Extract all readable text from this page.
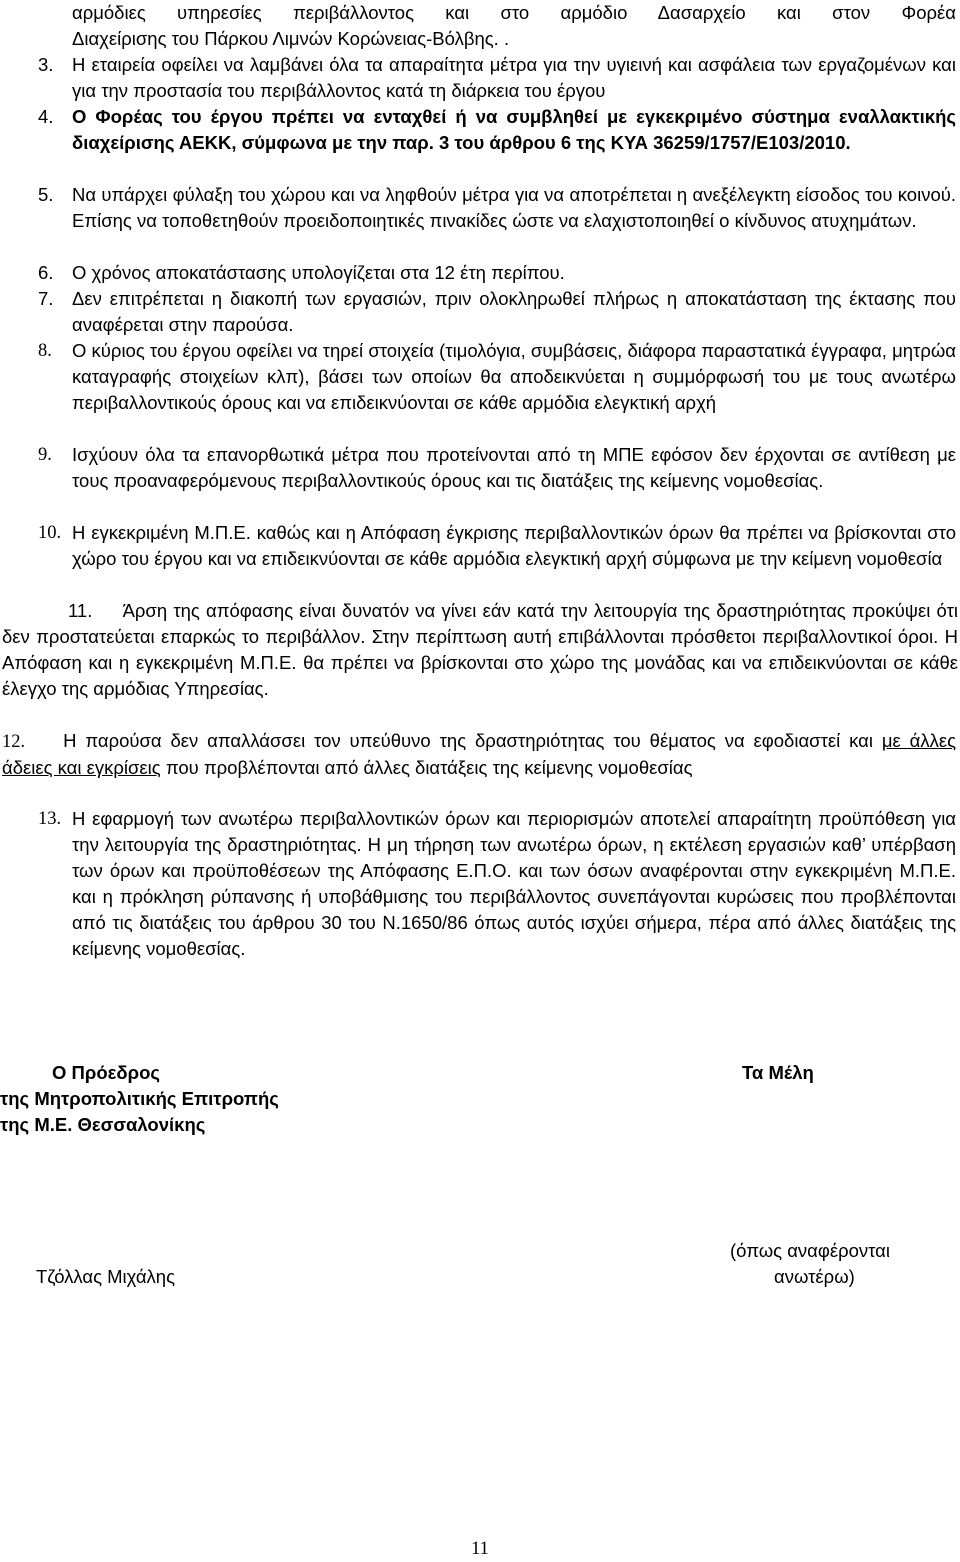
αρμόδιες υπηρεσίες περιβάλλοντος και στο αρμόδιο Δασαρχείο και στον Φορέα
Διαχείρισης του Πάρκου Λιμνών Κορώνειας-Βόλβης. .
3.	Η εταιρεία οφείλει να λαμβάνει όλα τα απαραίτητα μέτρα για την υγιεινή και ασφάλεια των εργαζομένων και για την προστασία του περιβάλλοντος κατά τη διάρκεια του έργου
4.	Ο Φορέας του έργου πρέπει να ενταχθεί ή να συμβληθεί με εγκεκριμένο σύστημα εναλλακτικής διαχείρισης ΑΕΚΚ, σύμφωνα με την παρ. 3 του άρθρου 6 της ΚΥΑ 36259/1757/Ε103/2010.
5.	Να υπάρχει φύλαξη του χώρου και να ληφθούν μέτρα για να αποτρέπεται η ανεξέλεγκτη είσοδος του κοινού. Επίσης να τοποθετηθούν προειδοποιητικές πινακίδες ώστε να ελαχιστοποιηθεί ο κίνδυνος ατυχημάτων.
6.	Ο χρόνος αποκατάστασης υπολογίζεται στα 12 έτη περίπου.
7.	Δεν επιτρέπεται η διακοπή των εργασιών, πριν ολοκληρωθεί πλήρως η αποκατάσταση της έκτασης που αναφέρεται στην παρούσα.
8.	Ο κύριος του έργου οφείλει να τηρεί στοιχεία (τιμολόγια, συμβάσεις, διάφορα παραστατικά έγγραφα, μητρώα καταγραφής στοιχείων κλπ), βάσει των οποίων θα αποδεικνύεται η συμμόρφωσή του με τους ανωτέρω περιβαλλοντικούς όρους και να επιδεικνύονται σε κάθε αρμόδια ελεγκτική αρχή
9.	Ισχύουν όλα τα επανορθωτικά μέτρα που προτείνονται από τη ΜΠΕ εφόσον δεν έρχονται σε αντίθεση με τους προαναφερόμενους περιβαλλοντικούς όρους και τις διατάξεις της κείμενης νομοθεσίας.
10. Η εγκεκριμένη Μ.Π.Ε. καθώς και η Απόφαση έγκρισης περιβαλλοντικών όρων θα πρέπει να βρίσκονται στο χώρο του έργου και να επιδεικνύονται σε κάθε αρμόδια ελεγκτική αρχή σύμφωνα με την κείμενη νομοθεσία
11. Άρση της απόφασης είναι δυνατόν να γίνει εάν κατά την λειτουργία της δραστηριότητας προκύψει ότι δεν προστατεύεται επαρκώς το περιβάλλον. Στην περίπτωση αυτή επιβάλλονται πρόσθετοι περιβαλλοντικοί όροι. Η Απόφαση και η εγκεκριμένη Μ.Π.Ε. θα πρέπει να βρίσκονται στο χώρο της μονάδας και να επιδεικνύονται σε κάθε έλεγχο της αρμόδιας Υπηρεσίας.
12. Η παρούσα δεν απαλλάσσει τον υπεύθυνο της δραστηριότητας του θέματος να εφοδιαστεί και με άλλες άδειες και εγκρίσεις που προβλέπονται από άλλες διατάξεις της κείμενης νομοθεσίας
13. Η εφαρμογή των ανωτέρω περιβαλλοντικών όρων και περιορισμών αποτελεί απαραίτητη προϋπόθεση για την λειτουργία της δραστηριότητας. Η μη τήρηση των ανωτέρω όρων, η εκτέλεση εργασιών καθ’ υπέρβαση των όρων και προϋποθέσεων της Απόφασης Ε.Π.Ο. και των όσων αναφέρονται στην εγκεκριμένη Μ.Π.Ε. και η πρόκληση ρύπανσης ή υποβάθμισης του περιβάλλοντος συνεπάγονται κυρώσεις που προβλέπονται από τις διατάξεις του άρθρου 30 του Ν.1650/86 όπως αυτός ισχύει σήμερα, πέρα από άλλες διατάξεις της κείμενης νομοθεσίας.
Ο Πρόεδρος
της Μητροπολιτικής Επιτροπής
της Μ.Ε. Θεσσαλονίκης
Τα Μέλη
Τζόλλας Μιχάλης
(όπως αναφέρονται
ανωτέρω)
11
